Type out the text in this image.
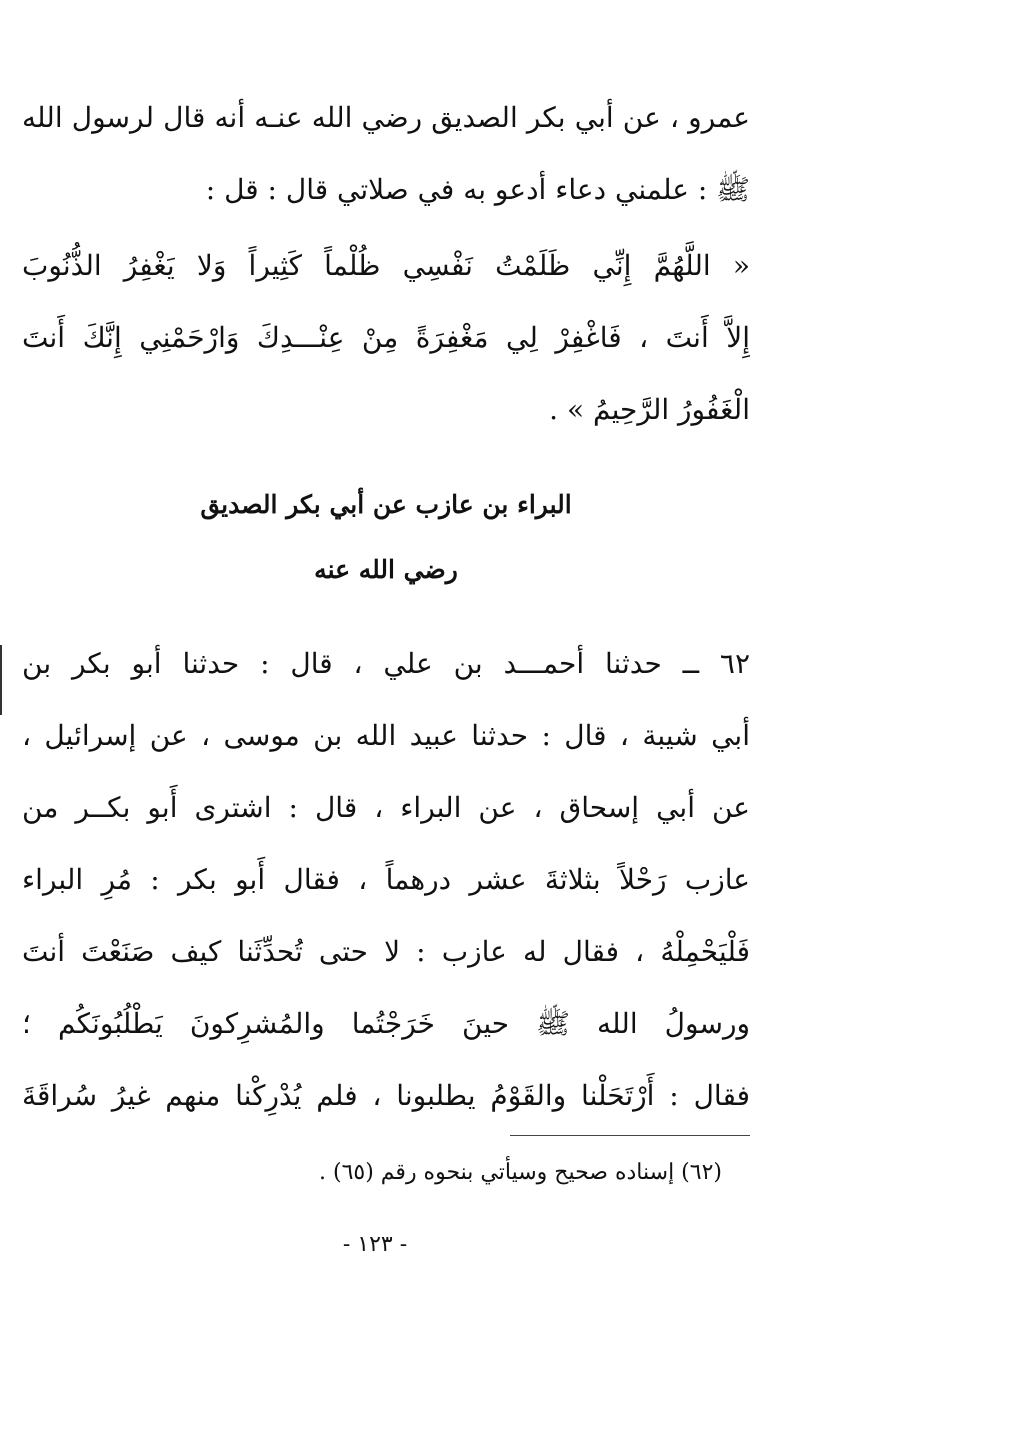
عمرو ، عن أبي بكر الصديق رضي الله عنـه أنه قال لرسول الله
ﷺ : علمني دعاء أدعو به في صلاتي قال : قل :
« اللَّهُمَّ إِنِّي ظَلَمْتُ نَفْسِي ظُلْماً كَثِيراً وَلا يَغْفِرُ الذُّنُوبَ
إِلاَّ أَنتَ ، فَاغْفِرْ لِي مَغْفِرَةً مِنْ عِنْـــدِكَ وَارْحَمْنِي إِنَّكَ أَنتَ
الْغَفُورُ الرَّحِيمُ » .
البراء بن عازب عن أبي بكر الصديق
رضي الله عنه
٦٢ ــ حدثنا أحمـــد بن علي ، قال : حدثنا أبو بكر بن
أبي شيبة ، قال : حدثنا عبيد الله بن موسى ، عن إسرائيل ،
عن أبي إسحاق ، عن البراء ، قال : اشترى أَبو بكــر من
عازب رَحْلاً بثلاثةَ عشر درهماً ، فقال أَبو بكر : مُرِ البراء
فَلْيَحْمِلْهُ ، فقال له عازب : لا حتى تُحدِّثَنا كيف صَنَعْتَ أنتَ
ورسولُ الله ﷺ حينَ خَرَجْتُما والمُشرِكونَ يَطْلُبُونَكُم ؛
فقال : أَرْتَحَلْنا والقَوْمُ يطلبونا ، فلم يُدْرِكْنا منهم غيرُ سُراقَةَ
(٦٢) إسناده صحيح وسيأتي بنحوه رقم (٦٥) .
- ١٢٣ -
